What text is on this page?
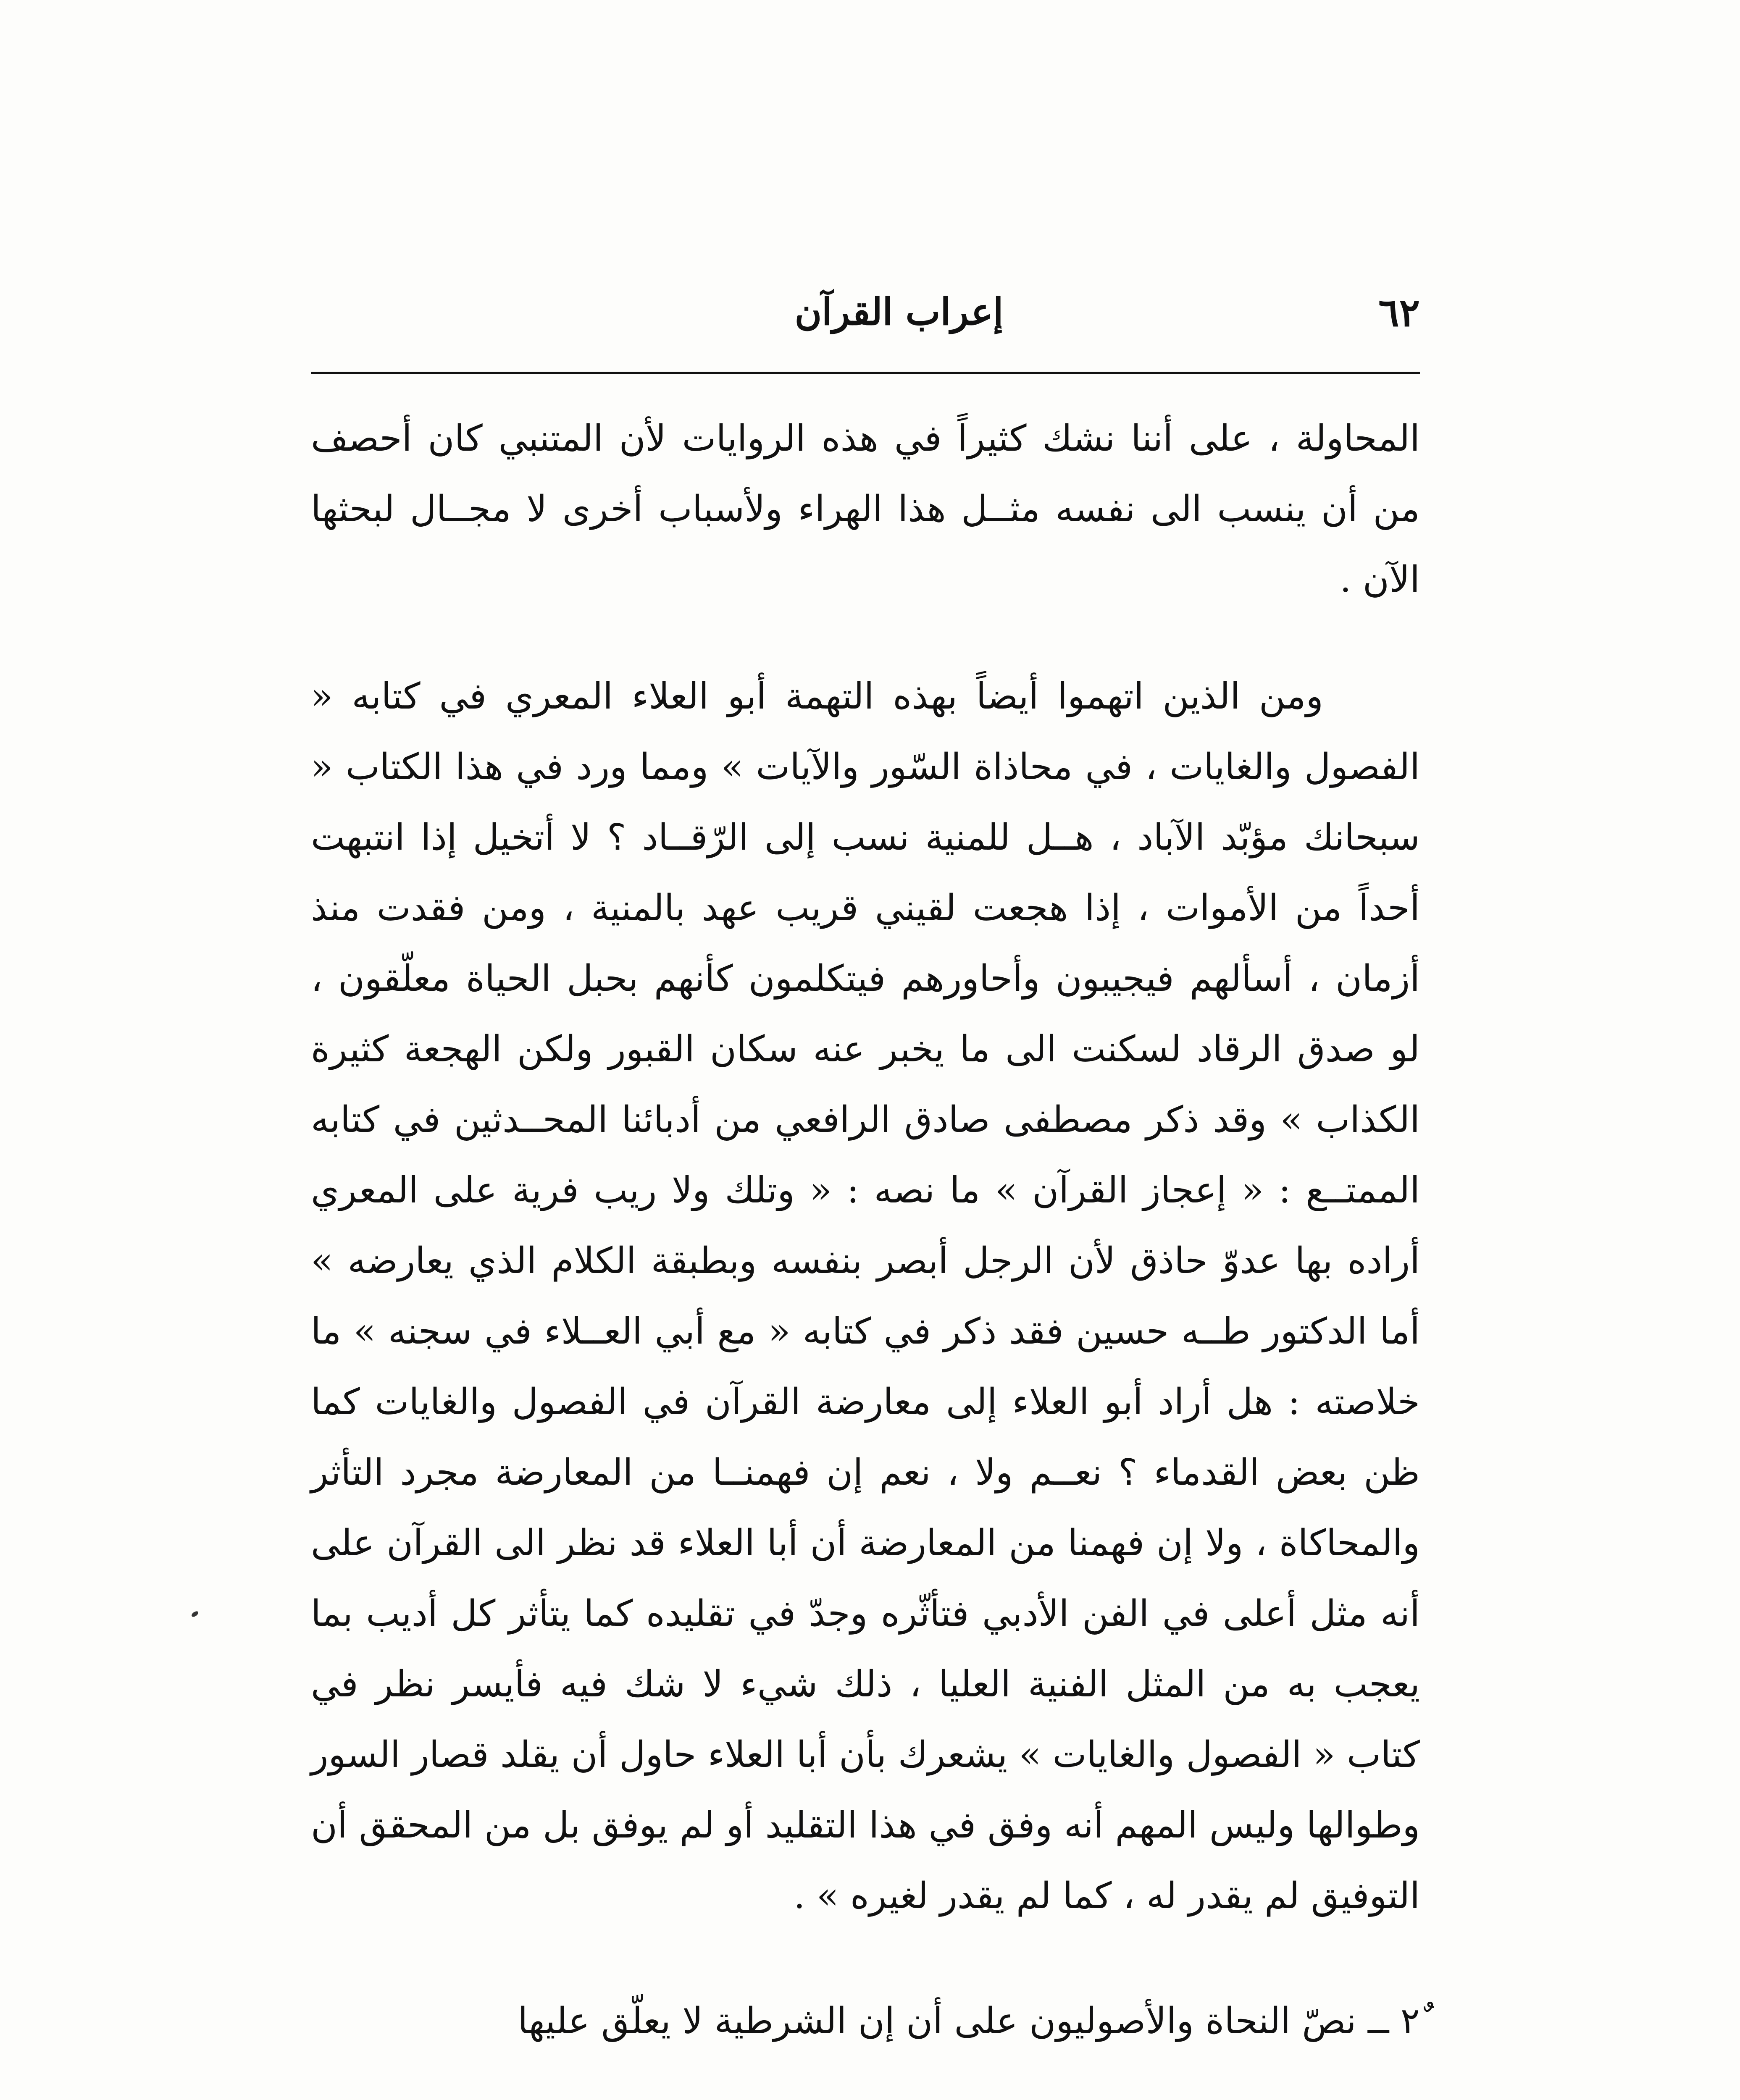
٦٢
إعراب القرآن

المحاولة ، على أننا نشك كثيراً في هذه الروايات لأن المتنبي كان أحصف من أن ينسب الى نفسه مثــل هذا الهراء ولأسباب أخرى لا مجــال لبحثها الآن .

ومن الذين اتهموا أيضاً بهذه التهمة أبو العلاء المعري في كتابه « الفصول والغايات ، في محاذاة السّور والآيات » ومما ورد في هذا الكتاب « سبحانك مؤبّد الآباد ، هــل للمنية نسب إلى الرّقــاد ؟ لا أتخيل إذا انتبهت أحداً من الأموات ، إذا هجعت لقيني قريب عهد بالمنية ، ومن فقدت منذ أزمان ، أسألهم فيجيبون وأحاورهم فيتكلمون كأنهم بحبل الحياة معلّقون ، لو صدق الرقاد لسكنت الى ما يخبر عنه سكان القبور ولكن الهجعة كثيرة الكذاب » وقد ذكر مصطفى صادق الرافعي من أدبائنا المحــدثين في كتابه الممتــع : « إعجاز القرآن » ما نصه : « وتلك ولا ريب فرية على المعري أراده بها عدوّ حاذق لأن الرجل أبصر بنفسه وبطبقة الكلام الذي يعارضه » أما الدكتور طــه حسين فقد ذكر في كتابه « مع أبي العــلاء في سجنه » ما خلاصته : هل أراد أبو العلاء إلى معارضة القرآن في الفصول والغايات كما ظن بعض القدماء ؟ نعــم ولا ، نعم إن فهمنــا من المعارضة مجرد التأثر والمحاكاة ، ولا إن فهمنا من المعارضة أن أبا العلاء قد نظر الى القرآن على أنه مثل أعلى في الفن الأدبي فتأثّره وجدّ في تقليده كما يتأثر كل أديب بما يعجب به من المثل الفنية العليا ، ذلك شيء لا شك فيه فأيسر نظر في كتاب « الفصول والغايات » يشعرك بأن أبا العلاء حاول أن يقلد قصار السور وطوالها وليس المهم أنه وفق في هذا التقليد أو لم يوفق بل من المحقق أن التوفيق لم يقدر له ، كما لم يقدر لغيره » .

٢ٌ ــ نصّ النحاة والأصوليون على أن إن الشرطية لا يعلّق عليها
